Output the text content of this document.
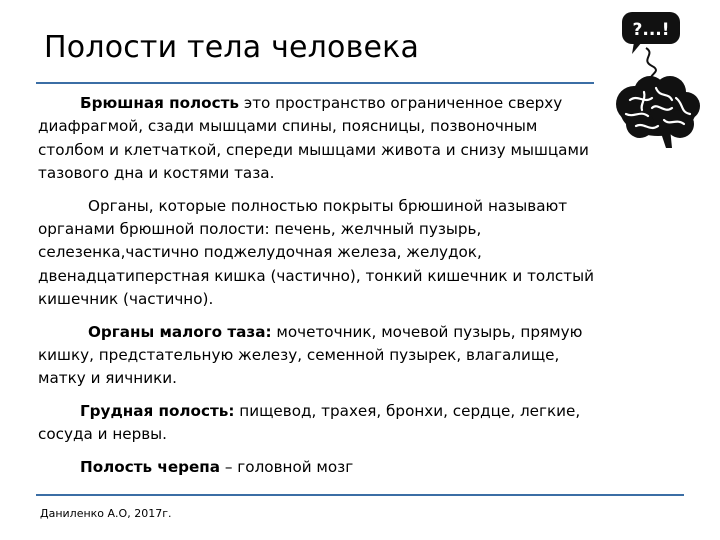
Полости тела человека	?...!

Брюшная полость это пространство ограниченное сверху диафрагмой, сзади мышцами спины, поясницы, позвоночным столбом и клетчаткой, спереди мышцами живота и снизу мышцами тазового дна и костями таза.

Органы, которые полностью покрыты брюшиной называют органами брюшной полости: печень, желчный пузырь, селезенка,частично поджелудочная железа, желудок, двенадцатиперстная кишка (частично), тонкий кишечник и толстый кишечник (частично).

Органы малого таза: мочеточник, мочевой пузырь, прямую кишку, предстательную железу, семенной пузырек, влагалище, матку и яичники.

Грудная полость: пищевод, трахея, бронхи, сердце, легкие, сосуда и нервы.

Полость черепа – головной мозг

Даниленко А.О, 2017г.
